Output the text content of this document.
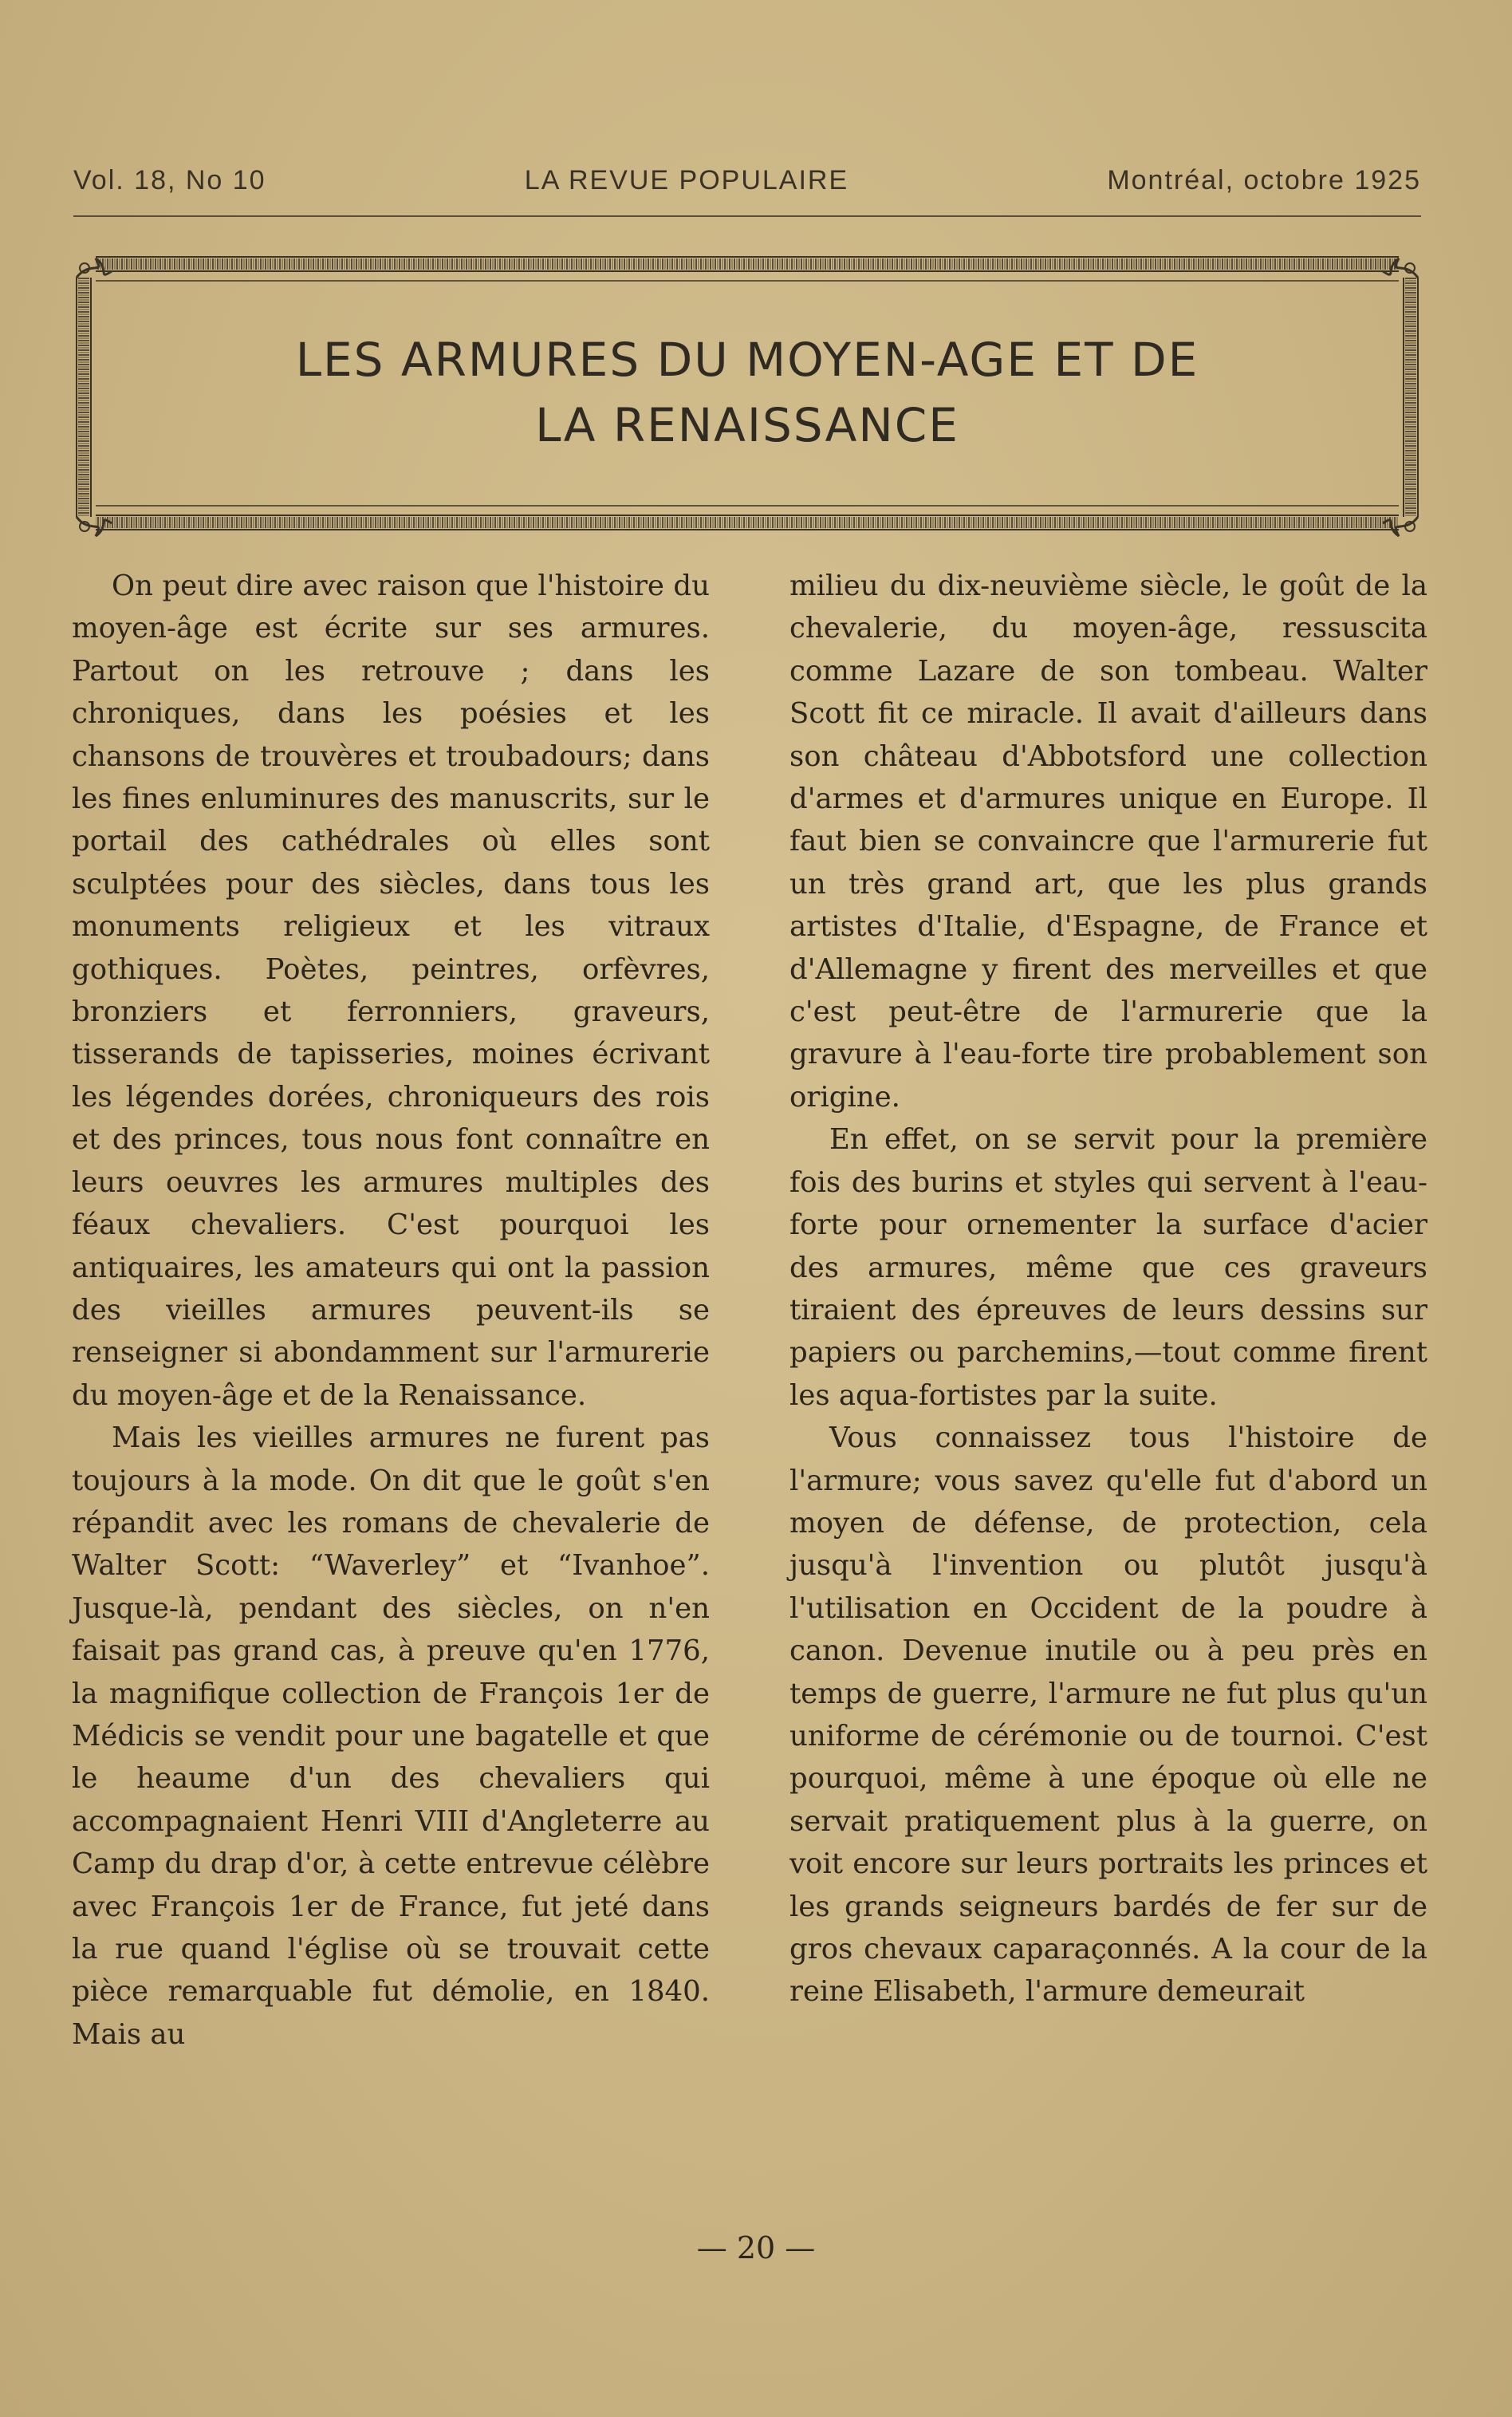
Vol. 18, No 10	LA REVUE POPULAIRE	Montréal, octobre 1925
LES ARMURES DU MOYEN-AGE ET DE
LA RENAISSANCE

On peut dire avec raison que l'histoire du moyen-âge est écrite sur ses armures. Partout on les retrouve ; dans les chroniques, dans les poésies et les chansons de trouvères et troubadours; dans les fines enluminures des manuscrits, sur le portail des cathédrales où elles sont sculptées pour des siècles, dans tous les monuments religieux et les vitraux gothiques. Poètes, peintres, orfèvres, bronziers et ferronniers, graveurs, tisserands de tapisseries, moines écrivant les légendes dorées, chroniqueurs des rois et des princes, tous nous font connaître en leurs oeuvres les armures multiples des féaux chevaliers. C'est pourquoi les antiquaires, les amateurs qui ont la passion des vieilles armures peuvent-ils se renseigner si abondamment sur l'armurerie du moyen-âge et de la Renaissance.

Mais les vieilles armures ne furent pas toujours à la mode. On dit que le goût s'en répandit avec les romans de chevalerie de Walter Scott: “Waverley” et “Ivanhoe”. Jusque-là, pendant des siècles, on n'en faisait pas grand cas, à preuve qu'en 1776, la magnifique collection de François 1er de Médicis se vendit pour une bagatelle et que le heaume d'un des chevaliers qui accompagnaient Henri VIII d'Angleterre au Camp du drap d'or, à cette entrevue célèbre avec François 1er de France, fut jeté dans la rue quand l'église où se trouvait cette pièce remarquable fut démolie, en 1840. Mais au

milieu du dix-neuvième siècle, le goût de la chevalerie, du moyen-âge, ressuscita comme Lazare de son tombeau. Walter Scott fit ce miracle. Il avait d'ailleurs dans son château d'Abbotsford une collection d'armes et d'armures unique en Europe. Il faut bien se convaincre que l'armurerie fut un très grand art, que les plus grands artistes d'Italie, d'Espagne, de France et d'Allemagne y firent des merveilles et que c'est peut-être de l'armurerie que la gravure à l'eau-forte tire probablement son origine.

En effet, on se servit pour la première fois des burins et styles qui servent à l'eau-forte pour ornementer la surface d'acier des armures, même que ces graveurs tiraient des épreuves de leurs dessins sur papiers ou parchemins,—tout comme firent les aqua-fortistes par la suite.

Vous connaissez tous l'histoire de l'armure; vous savez qu'elle fut d'abord un moyen de défense, de protection, cela jusqu'à l'invention ou plutôt jusqu'à l'utilisation en Occident de la poudre à canon. Devenue inutile ou à peu près en temps de guerre, l'armure ne fut plus qu'un uniforme de cérémonie ou de tournoi. C'est pourquoi, même à une époque où elle ne servait pratiquement plus à la guerre, on voit encore sur leurs portraits les princes et les grands seigneurs bardés de fer sur de gros chevaux caparaçonnés. A la cour de la reine Elisabeth, l'armure demeurait

— 20 —
